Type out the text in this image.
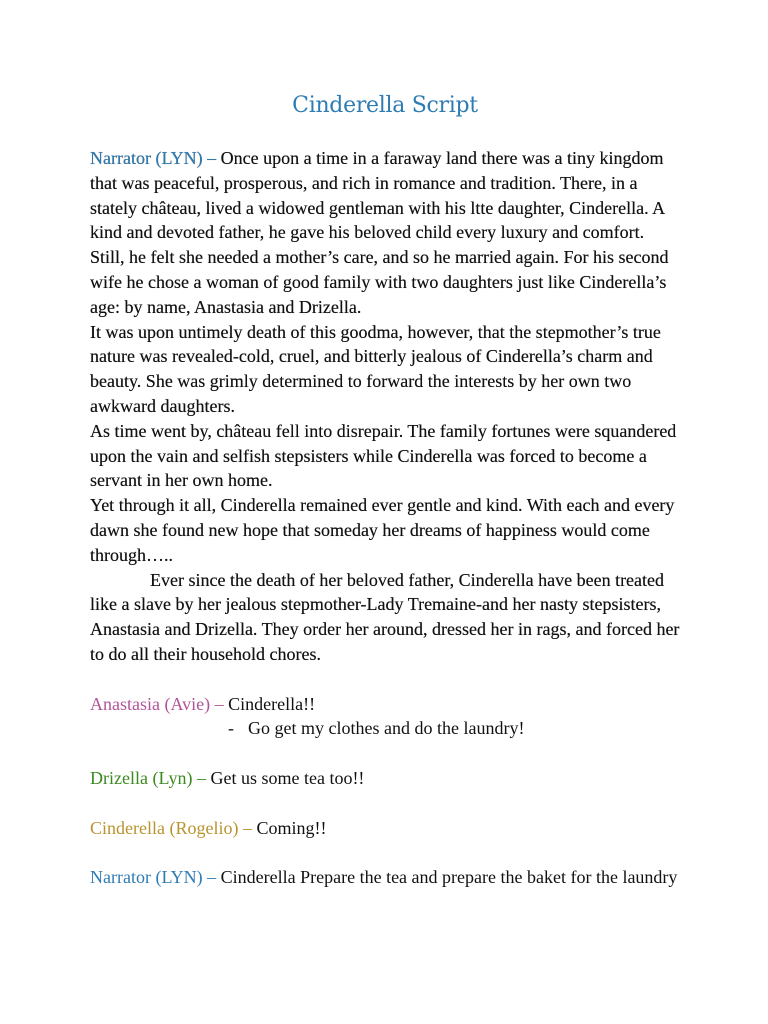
Cinderella Script

Narrator (LYN) – Once upon a time in a faraway land there was a tiny kingdom that was peaceful, prosperous, and rich in romance and tradition. There, in a stately château, lived a widowed gentleman with his ltte daughter, Cinderella. A kind and devoted father, he gave his beloved child every luxury and comfort. Still, he felt she needed a mother’s care, and so he married again. For his second wife he chose a woman of good family with two daughters just like Cinderella’s age: by name, Anastasia and Drizella.

It was upon untimely death of this goodma, however, that the stepmother’s true nature was revealed-cold, cruel, and bitterly jealous of Cinderella’s charm and beauty. She was grimly determined to forward the interests by her own two awkward daughters.

As time went by, château fell into disrepair. The family fortunes were squandered upon the vain and selfish stepsisters while Cinderella was forced to become a servant in her own home.

Yet through it all, Cinderella remained ever gentle and kind. With each and every dawn she found new hope that someday her dreams of happiness would come through…..

Ever since the death of her beloved father, Cinderella have been treated like a slave by her jealous stepmother-Lady Tremaine-and her nasty stepsisters, Anastasia and Drizella. They order her around, dressed her in rags, and forced her to do all their household chores.

Anastasia (Avie) – Cinderella!!

- Go get my clothes and do the laundry!

Drizella (Lyn) – Get us some tea too!!

Cinderella (Rogelio) – Coming!!

Narrator (LYN) – Cinderella Prepare the tea and prepare the baket for the laundry
